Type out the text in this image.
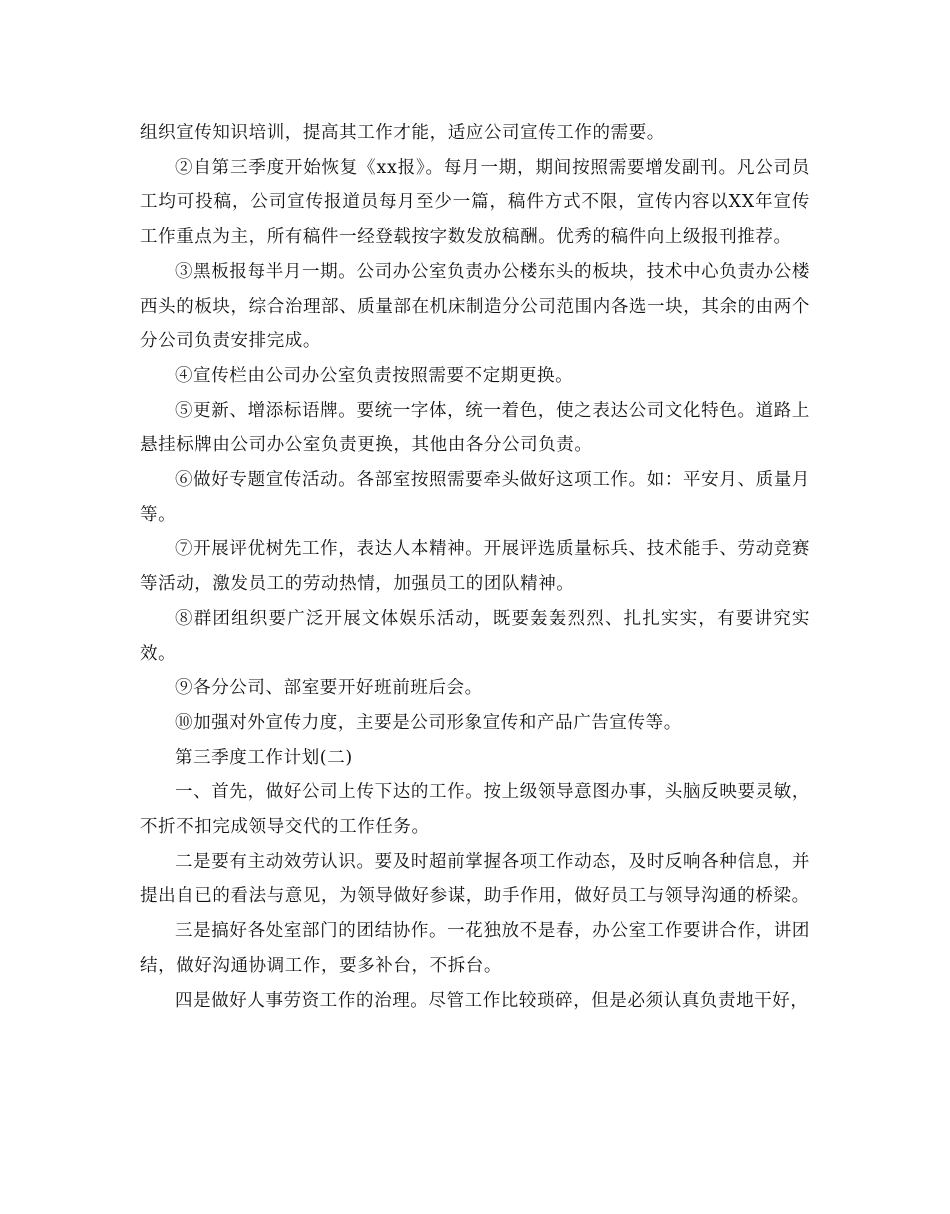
组织宣传知识培训，提高其工作才能，适应公司宣传工作的需要。

②自第三季度开始恢复《xx报》。每月一期，期间按照需要增发副刊。凡公司员工均可投稿，公司宣传报道员每月至少一篇，稿件方式不限，宣传内容以XX年宣传工作重点为主，所有稿件一经登载按字数发放稿酬。优秀的稿件向上级报刊推荐。

③黑板报每半月一期。公司办公室负责办公楼东头的板块，技术中心负责办公楼西头的板块，综合治理部、质量部在机床制造分公司范围内各选一块，其余的由两个分公司负责安排完成。

④宣传栏由公司办公室负责按照需要不定期更换。

⑤更新、增添标语牌。要统一字体，统一着色，使之表达公司文化特色。道路上悬挂标牌由公司办公室负责更换，其他由各分公司负责。

⑥做好专题宣传活动。各部室按照需要牵头做好这项工作。如：平安月、质量月等。

⑦开展评优树先工作，表达人本精神。开展评选质量标兵、技术能手、劳动竞赛等活动，激发员工的劳动热情，加强员工的团队精神。

⑧群团组织要广泛开展文体娱乐活动，既要轰轰烈烈、扎扎实实，有要讲究实效。

⑨各分公司、部室要开好班前班后会。

⑩加强对外宣传力度，主要是公司形象宣传和产品广告宣传等。

第三季度工作计划(二)

一、首先，做好公司上传下达的工作。按上级领导意图办事，头脑反映要灵敏，不折不扣完成领导交代的工作任务。

二是要有主动效劳认识。要及时超前掌握各项工作动态，及时反响各种信息，并提出自已的看法与意见，为领导做好参谋，助手作用，做好员工与领导沟通的桥梁。

三是搞好各处室部门的团结协作。一花独放不是春，办公室工作要讲合作，讲团结，做好沟通协调工作，要多补台，不拆台。

四是做好人事劳资工作的治理。尽管工作比较琐碎，但是必须认真负责地干好，
